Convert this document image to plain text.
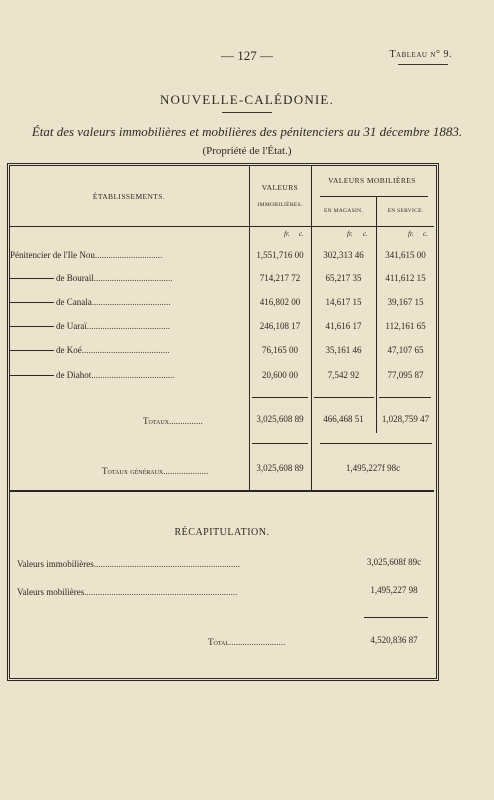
— 127 —	Tableau n° 9.
NOUVELLE-CALÉDONIE.
État des valeurs immobilières et mobilières des pénitenciers au 31 décembre 1883.
(Propriété de l'État.)
ÉTABLISSEMENTS.
VALEURS
IMMOBILIÈRES.
VALEURS MOBILIÈRES
EN MAGASIN.	EN SERVICE.
fr. c.	fr. c.	fr. c.
Pénitencier de l'Ile Nou..............................	1,551,716 00	302,313 46	341,615 00
de Bourail...................................	714,217 72	65,217 35	411,612 15
de Canala...................................	416,802 00	14,617 15	39,167 15
de Uaraï.....................................	246,108 17	41,616 17	112,161 65
de Koé.......................................	76,165 00	35,161 46	47,107 65
de Diahot.....................................	20,600 00	7,542 92	77,095 87
Totaux...............	3,025,608 89	466,468 51	1,028,759 47
Totaux généraux....................	3,025,608 89	1,495,227f 98c
RÉCAPITULATION.
Valeurs immobilières.................................................................	3,025,608f 89c
Valeurs mobilières....................................................................	1,495,227 98
Total.........................	4,520,836 87
